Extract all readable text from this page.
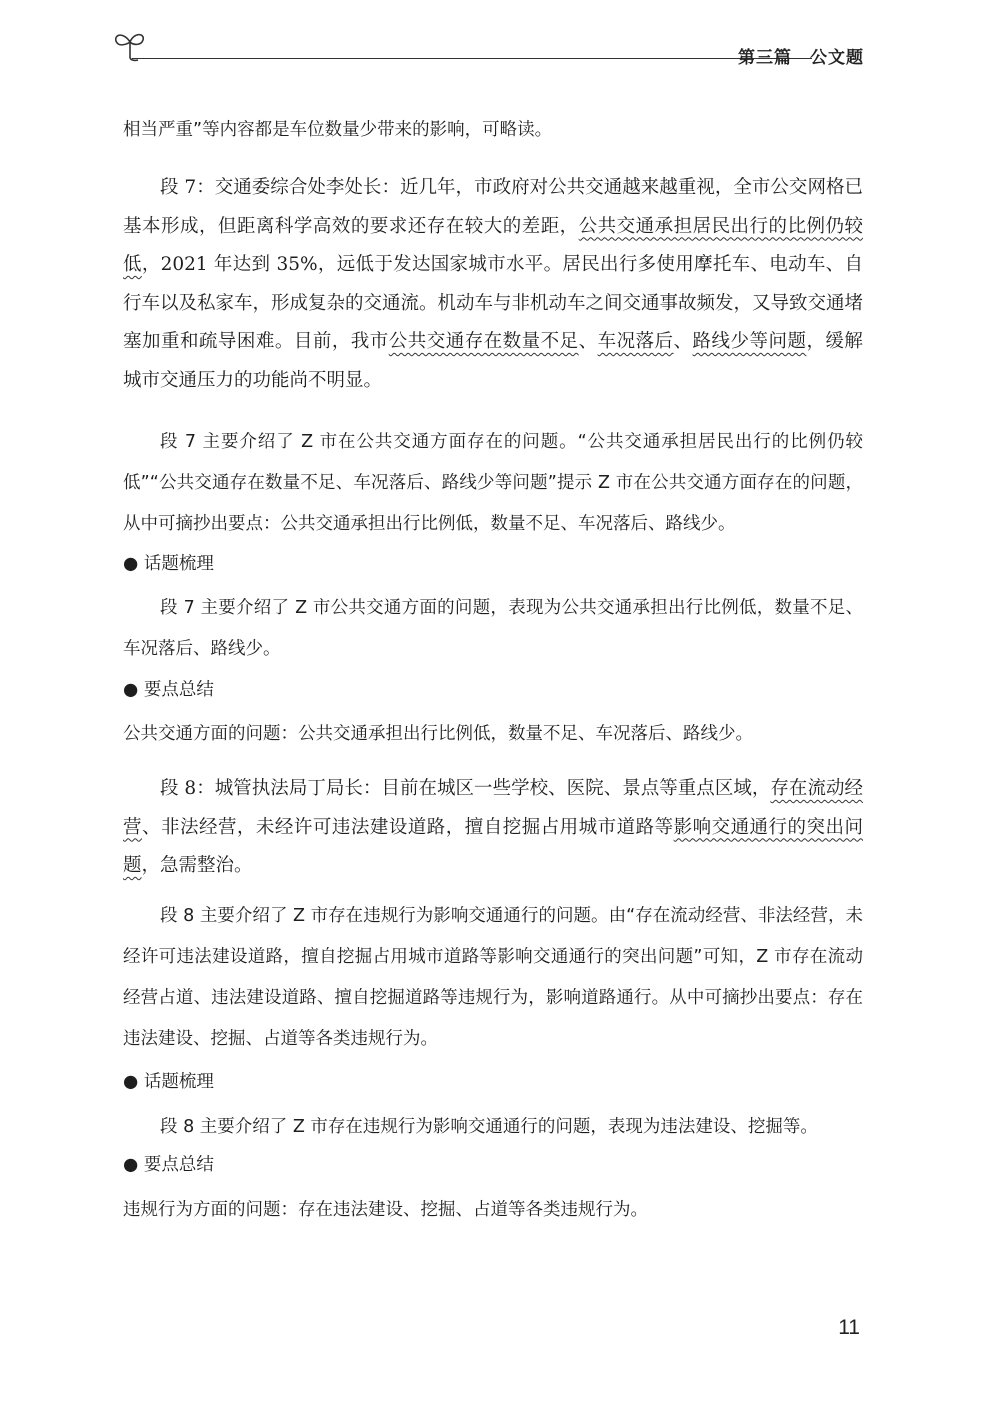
第三篇 公文题

相当严重”等内容都是车位数量少带来的影响，可略读。

段 7：交通委综合处李处长：近几年，市政府对公共交通越来越重视，全市公交网格已基本形成，但距离科学高效的要求还存在较大的差距，公共交通承担居民出行的比例仍较低，2021 年达到 35%，远低于发达国家城市水平。居民出行多使用摩托车、电动车、自行车以及私家车，形成复杂的交通流。机动车与非机动车之间交通事故频发，又导致交通堵塞加重和疏导困难。目前，我市公共交通存在数量不足、车况落后、路线少等问题，缓解城市交通压力的功能尚不明显。

段 7 主要介绍了 Z 市在公共交通方面存在的问题。“公共交通承担居民出行的比例仍较低”“公共交通存在数量不足、车况落后、路线少等问题”提示 Z 市在公共交通方面存在的问题，从中可摘抄出要点：公共交通承担出行比例低，数量不足、车况落后、路线少。

● 话题梳理

段 7 主要介绍了 Z 市公共交通方面的问题，表现为公共交通承担出行比例低，数量不足、车况落后、路线少。

● 要点总结

公共交通方面的问题：公共交通承担出行比例低，数量不足、车况落后、路线少。

段 8：城管执法局丁局长：目前在城区一些学校、医院、景点等重点区域，存在流动经营、非法经营，未经许可违法建设道路，擅自挖掘占用城市道路等影响交通通行的突出问题，急需整治。

段 8 主要介绍了 Z 市存在违规行为影响交通通行的问题。由“存在流动经营、非法经营，未经许可违法建设道路，擅自挖掘占用城市道路等影响交通通行的突出问题”可知，Z 市存在流动经营占道、违法建设道路、擅自挖掘道路等违规行为，影响道路通行。从中可摘抄出要点：存在违法建设、挖掘、占道等各类违规行为。

● 话题梳理

段 8 主要介绍了 Z 市存在违规行为影响交通通行的问题，表现为违法建设、挖掘等。

● 要点总结

违规行为方面的问题：存在违法建设、挖掘、占道等各类违规行为。

11
